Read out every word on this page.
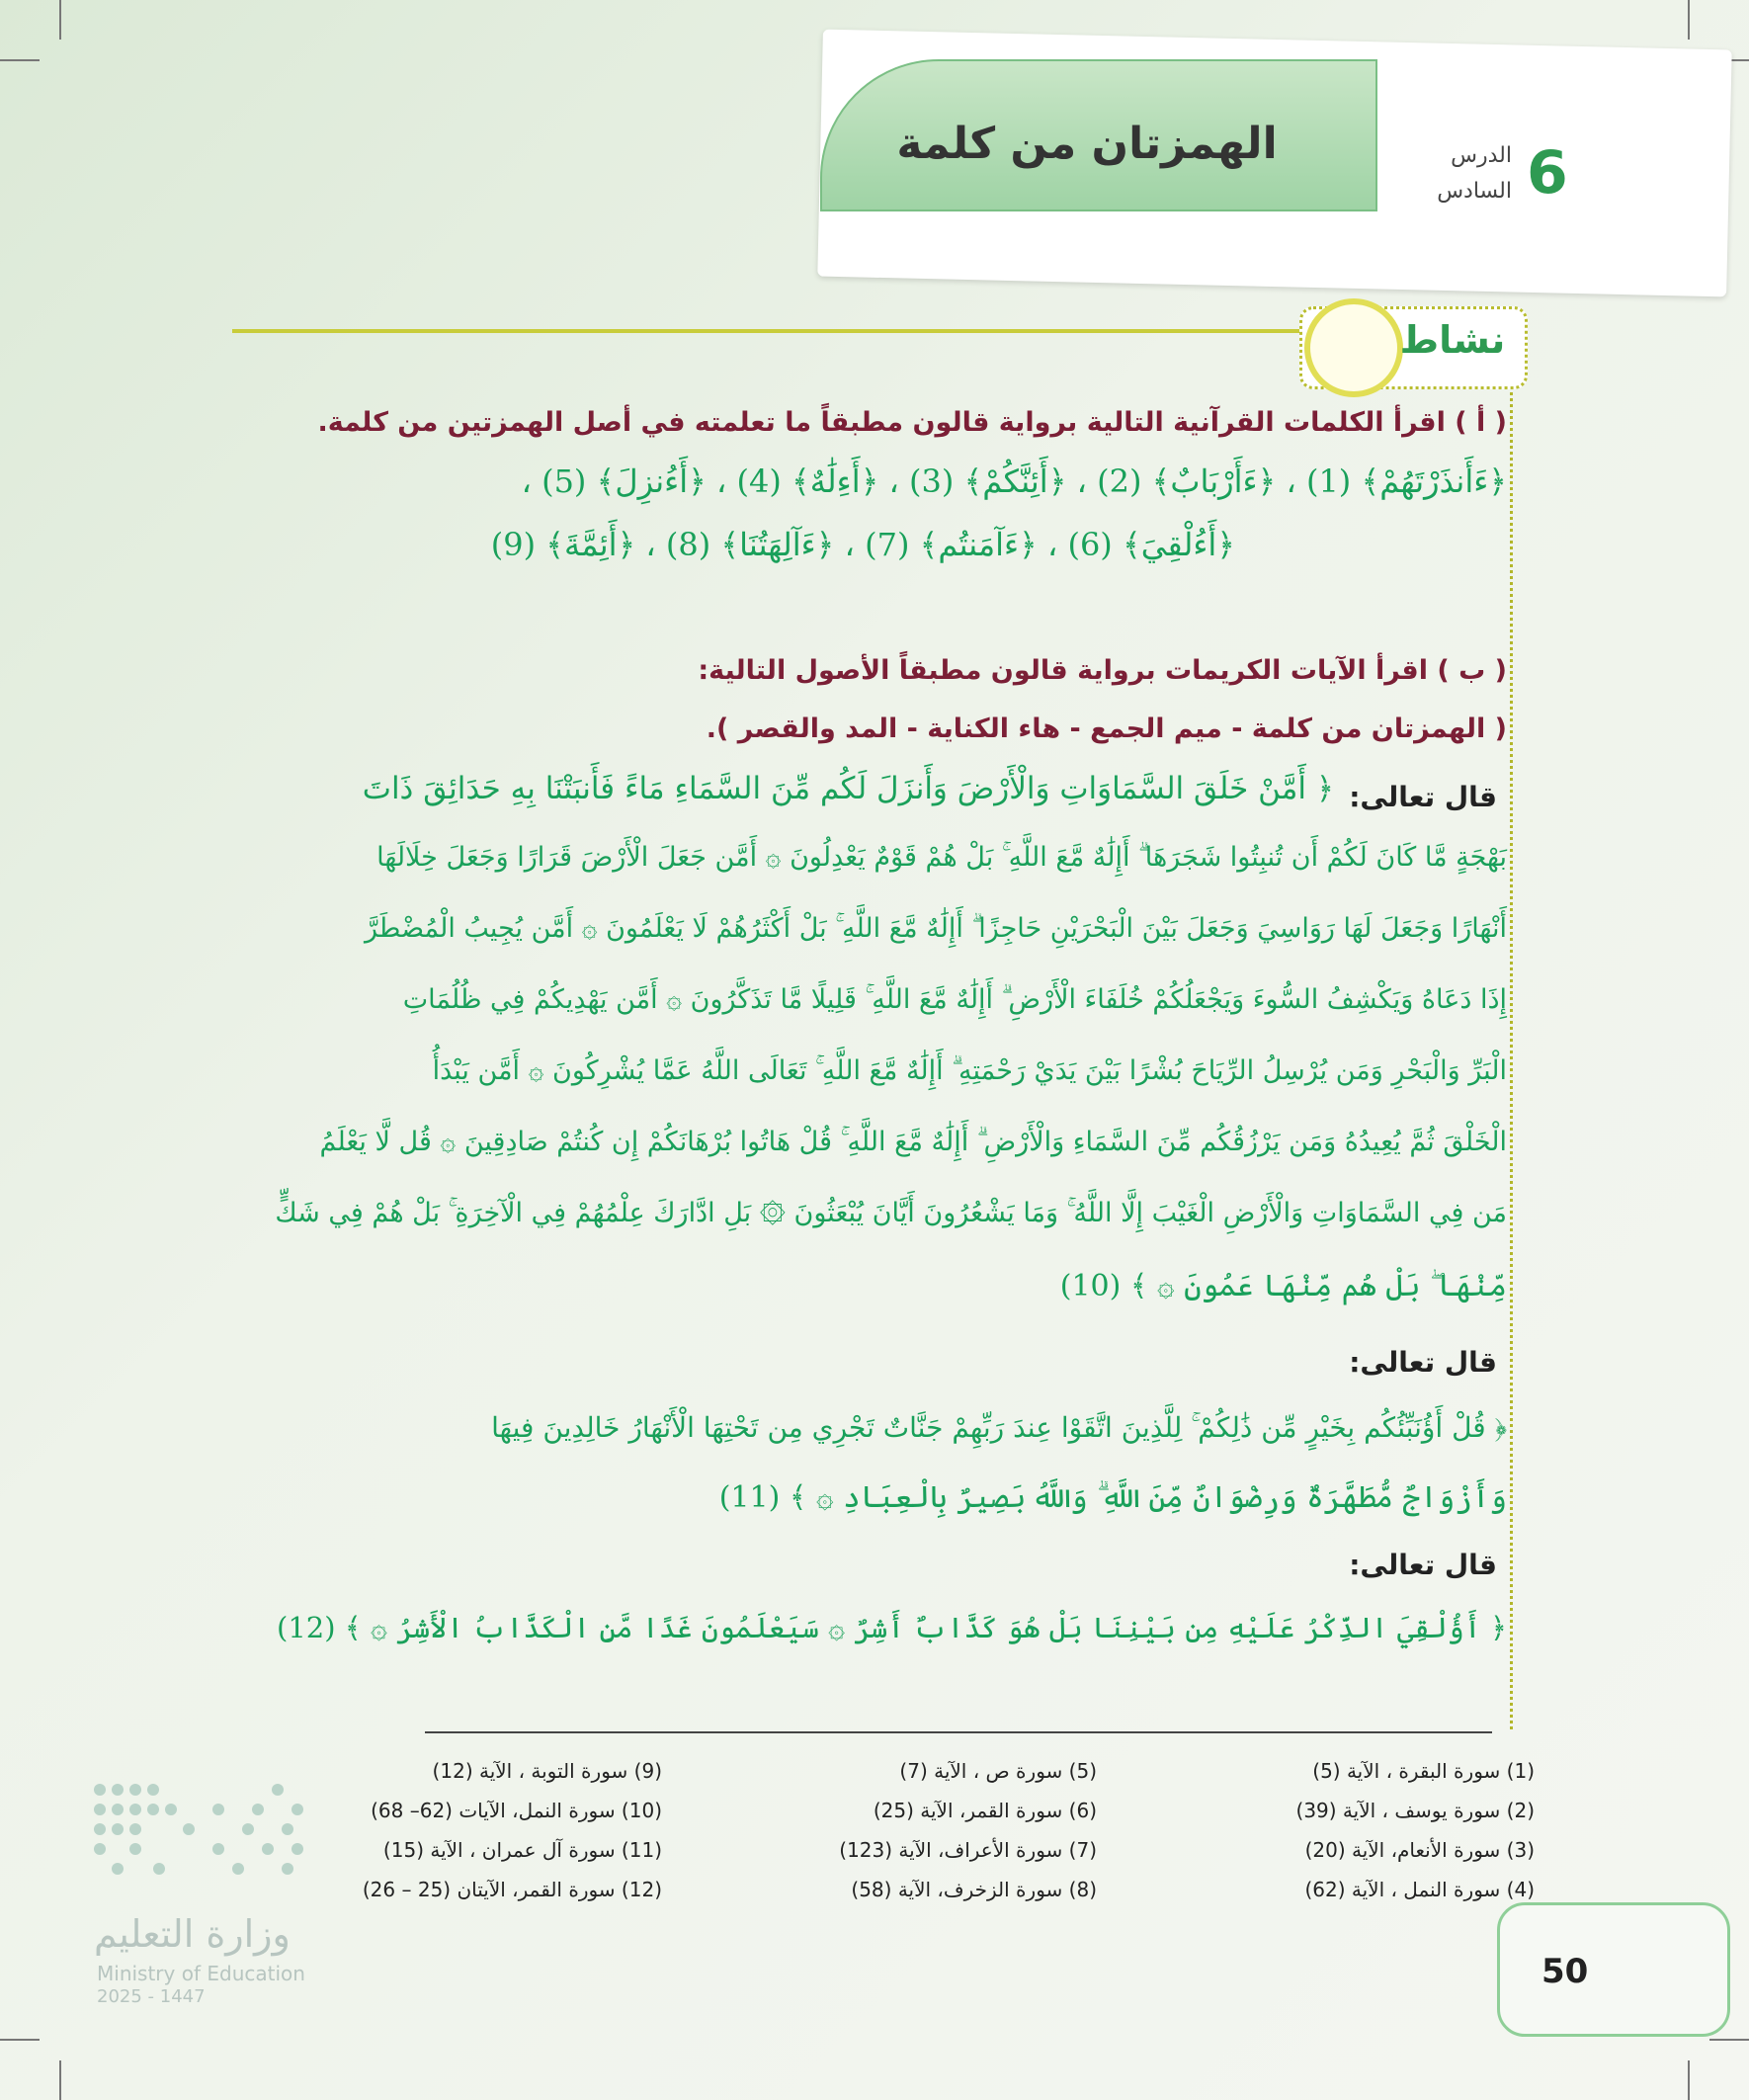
الهمزتان من كلمة	6
الدرس
السادس
نشاط
( أ ) اقرأ الكلمات القرآنية التالية برواية قالون مطبقاً ما تعلمته في أصل الهمزتين من كلمة.
﴿ءَأَنذَرْتَهُمْ﴾ (1) ، ﴿ءَأَرْبَابٌ﴾ (2) ، ﴿أَئِنَّكُمْ﴾ (3) ، ﴿أَءِلَٰهٌ﴾ (4) ، ﴿أَءُنزِلَ﴾ (5) ،
﴿أَءُلْقِيَ﴾ (6) ، ﴿ءَآمَنتُم﴾ (7) ، ﴿ءَآلِهَتُنَا﴾ (8) ، ﴿أَئِمَّةَ﴾ (9)
( ب ) اقرأ الآيات الكريمات برواية قالون مطبقاً الأصول التالية:
( الهمزتان من كلمة - ميم الجمع - هاء الكناية - المد والقصر ).
قال تعالى:
﴿ أَمَّنْ خَلَقَ السَّمَاوَاتِ وَالْأَرْضَ وَأَنزَلَ لَكُم مِّنَ السَّمَاءِ مَاءً فَأَنبَتْنَا بِهِ حَدَائِقَ ذَاتَ
بَهْجَةٍ مَّا كَانَ لَكُمْ أَن تُنبِتُوا شَجَرَهَا ۗ أَإِلَٰهٌ مَّعَ اللَّهِ ۚ بَلْ هُمْ قَوْمٌ يَعْدِلُونَ ۞ أَمَّن جَعَلَ الْأَرْضَ قَرَارًا وَجَعَلَ خِلَالَهَا
أَنْهَارًا وَجَعَلَ لَهَا رَوَاسِيَ وَجَعَلَ بَيْنَ الْبَحْرَيْنِ حَاجِزًا ۗ أَإِلَٰهٌ مَّعَ اللَّهِ ۚ بَلْ أَكْثَرُهُمْ لَا يَعْلَمُونَ ۞ أَمَّن يُجِيبُ الْمُضْطَرَّ
إِذَا دَعَاهُ وَيَكْشِفُ السُّوءَ وَيَجْعَلُكُمْ خُلَفَاءَ الْأَرْضِ ۗ أَإِلَٰهٌ مَّعَ اللَّهِ ۚ قَلِيلًا مَّا تَذَكَّرُونَ ۞ أَمَّن يَهْدِيكُمْ فِي ظُلُمَاتِ
الْبَرِّ وَالْبَحْرِ وَمَن يُرْسِلُ الرِّيَاحَ بُشْرًا بَيْنَ يَدَيْ رَحْمَتِهِ ۗ أَإِلَٰهٌ مَّعَ اللَّهِ ۚ تَعَالَى اللَّهُ عَمَّا يُشْرِكُونَ ۞ أَمَّن يَبْدَأُ
الْخَلْقَ ثُمَّ يُعِيدُهُ وَمَن يَرْزُقُكُم مِّنَ السَّمَاءِ وَالْأَرْضِ ۗ أَإِلَٰهٌ مَّعَ اللَّهِ ۚ قُلْ هَاتُوا بُرْهَانَكُمْ إِن كُنتُمْ صَادِقِينَ ۞ قُل لَّا يَعْلَمُ
مَن فِي السَّمَاوَاتِ وَالْأَرْضِ الْغَيْبَ إِلَّا اللَّهُ ۚ وَمَا يَشْعُرُونَ أَيَّانَ يُبْعَثُونَ ۞ بَلِ ادَّارَكَ عِلْمُهُمْ فِي الْآخِرَةِ ۚ بَلْ هُمْ فِي شَكٍّ
مِّنْهَا ۖ بَلْ هُم مِّنْهَا عَمُونَ ۞ ﴾ (10)
قال تعالى:
﴿ قُلْ أَؤُنَبِّئُكُم بِخَيْرٍ مِّن ذَٰلِكُمْ ۚ لِلَّذِينَ اتَّقَوْا عِندَ رَبِّهِمْ جَنَّاتٌ تَجْرِي مِن تَحْتِهَا الْأَنْهَارُ خَالِدِينَ فِيهَا
وَأَزْوَاجٌ مُّطَهَّرَةٌ وَرِضْوَانٌ مِّنَ اللَّهِ ۗ وَاللَّهُ بَصِيرٌ بِالْعِبَادِ ۞ ﴾ (11)
قال تعالى:
﴿ أَؤُلْقِيَ الذِّكْرُ عَلَيْهِ مِن بَيْنِنَا بَلْ هُوَ كَذَّابٌ أَشِرٌ ۞ سَيَعْلَمُونَ غَدًا مَّنِ الْكَذَّابُ الْأَشِرُ ۞ ﴾ (12)
(1) سورة البقرة ، الآية (5)
(2) سورة يوسف ، الآية (39)
(3) سورة الأنعام، الآية (20)
(4) سورة النمل ، الآية (62)
(5) سورة ص ، الآية (7)
(6) سورة القمر، الآية (25)
(7) سورة الأعراف، الآية (123)
(8) سورة الزخرف، الآية (58)
(9) سورة التوبة ، الآية (12)
(10) سورة النمل، الآيات (62– 68)
(11) سورة آل عمران ، الآية (15)
(12) سورة القمر، الآيتان (25 – 26)
وزارة التعليم
Ministry of Education
2025 - 1447
50
